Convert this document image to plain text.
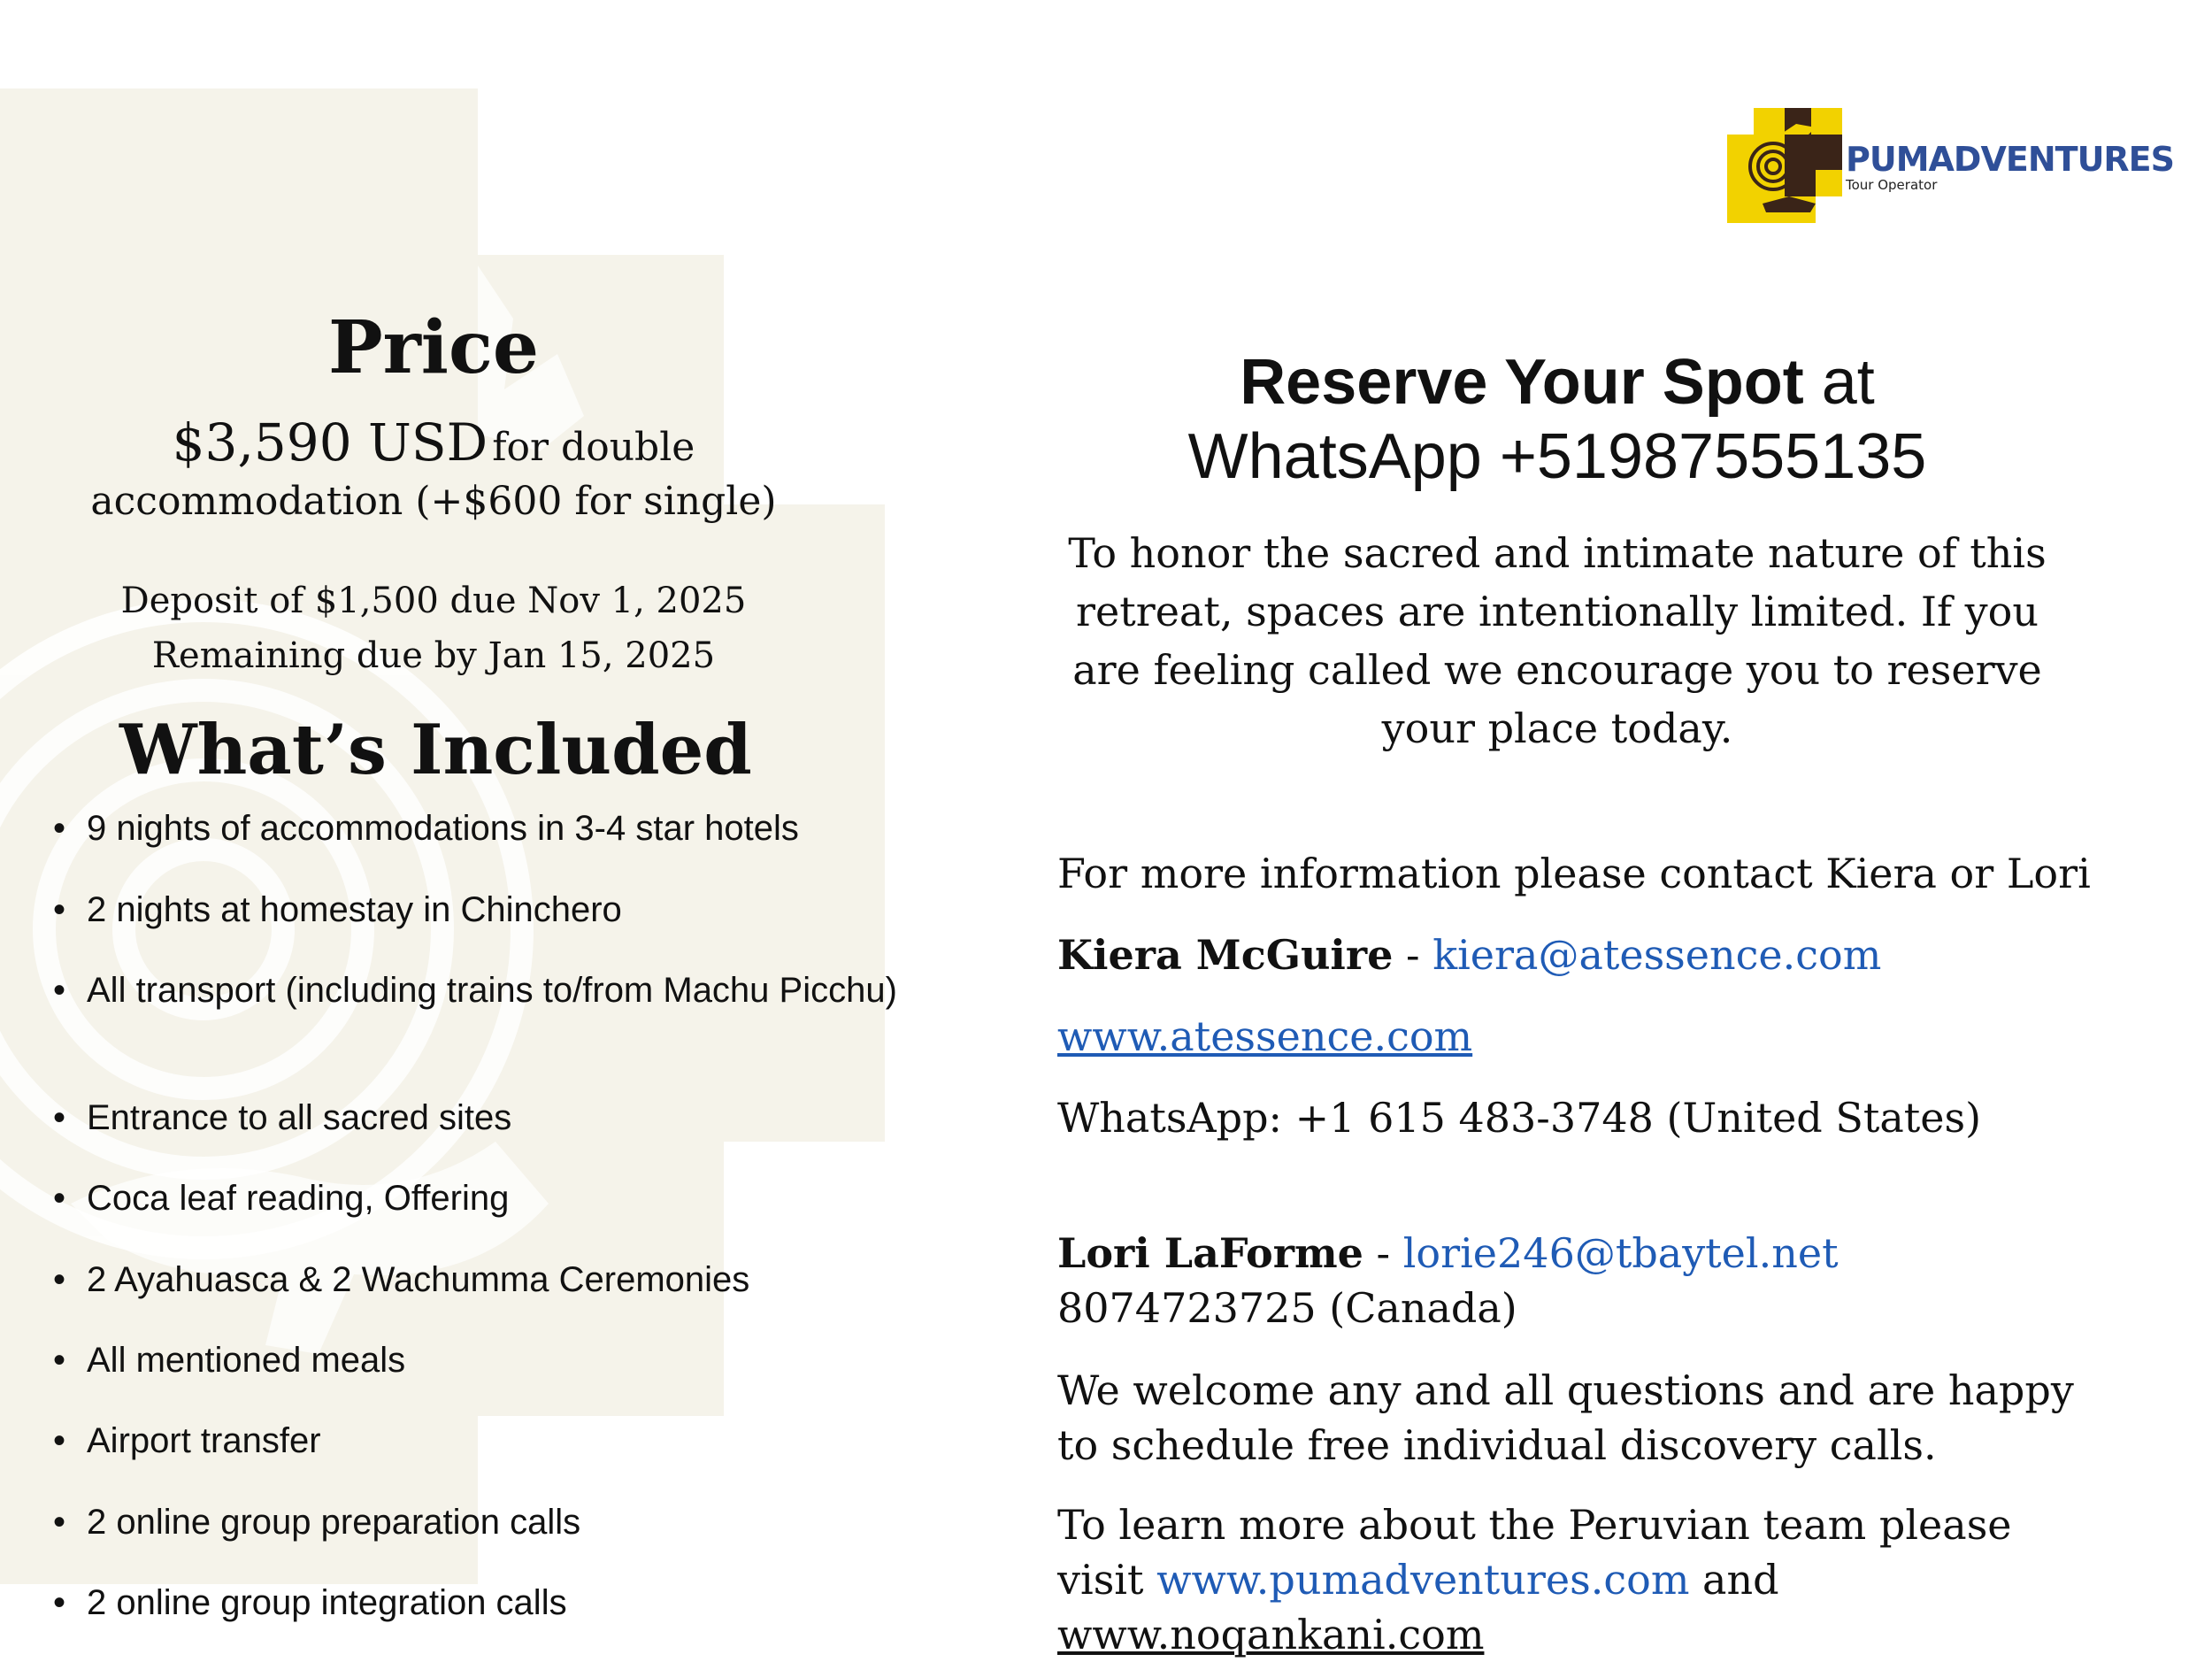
PUMADVENTURES
Tour Operator
Price
$3,590 USD for double
accommodation (+$600 for single)
Deposit of $1,500 due Nov 1, 2025
Remaining due by Jan 15, 2025
What’s Included
• 9 nights of accommodations in 3-4 star hotels
• 2 nights at homestay in Chinchero
• All transport (including trains to/from Machu Picchu)
• Entrance to all sacred sites
• Coca leaf reading, Offering
• 2 Ayahuasca & 2 Wachumma Ceremonies
• All mentioned meals
• Airport transfer
• 2 online group preparation calls
• 2 online group integration calls
Reserve Your Spot at
WhatsApp +51987555135
To honor the sacred and intimate nature of this retreat, spaces are intentionally limited. If you are feeling called we encourage you to reserve your place today.
For more information please contact Kiera or Lori
Kiera McGuire - kiera@atessence.com
www.atessence.com
WhatsApp: +1 615 483-3748 (United States)
Lori LaForme - lorie246@tbaytel.net 8074723725 (Canada)
We welcome any and all questions and are happy to schedule free individual discovery calls.
To learn more about the Peruvian team please visit www.pumadventures.com and www.noqankani.com
